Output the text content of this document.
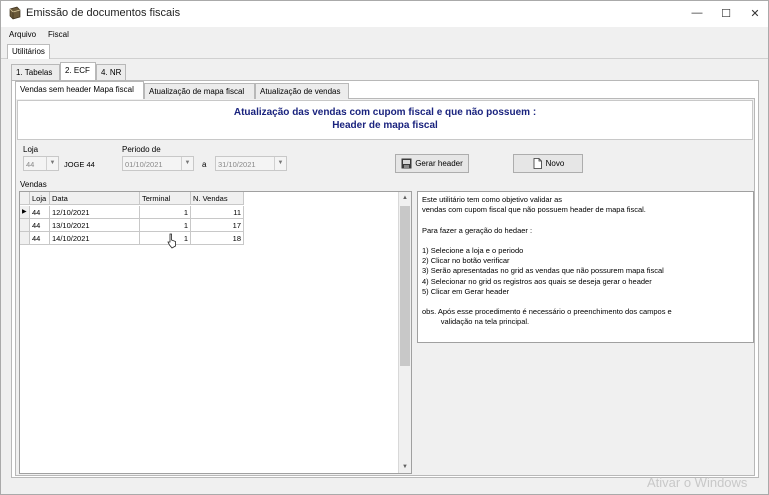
Emissão de documentos fiscais	—	☐	✕
Arquivo Fiscal
Utilitários
1. Tabelas	2. ECF	4. NR
Vendas sem header Mapa fiscal	Atualização de mapa fiscal	Atualização de vendas
Atualização das vendas com cupom fiscal e que não possuem :
Header de mapa fiscal
Loja
44	▼	JOGE 44
Periodo de
01/10/2021	▼	a	31/10/2021	▼	Gerar header	Novo
Vendas
Loja Data	Terminal	N. Vendas
▶ 44	12/10/2021	1	11
44	13/10/2021	1	17
44	14/10/2021	1	18
▲
▼
Este utilitário tem como objetivo validar as
vendas com cupom fiscal que não possuem header de mapa fiscal.

Para fazer a geração do hedaer :

1) Selecione a loja e o periodo
2) Clicar no botão verificar
3) Serão apresentadas no grid as vendas que não possurem mapa fiscal
4) Selecionar no grid os registros aos quais se deseja gerar o header
5) Clicar em Gerar header

obs. Após esse procedimento é necessário o preenchimento dos campos e
validação na tela principal.
Ativar o Windows
